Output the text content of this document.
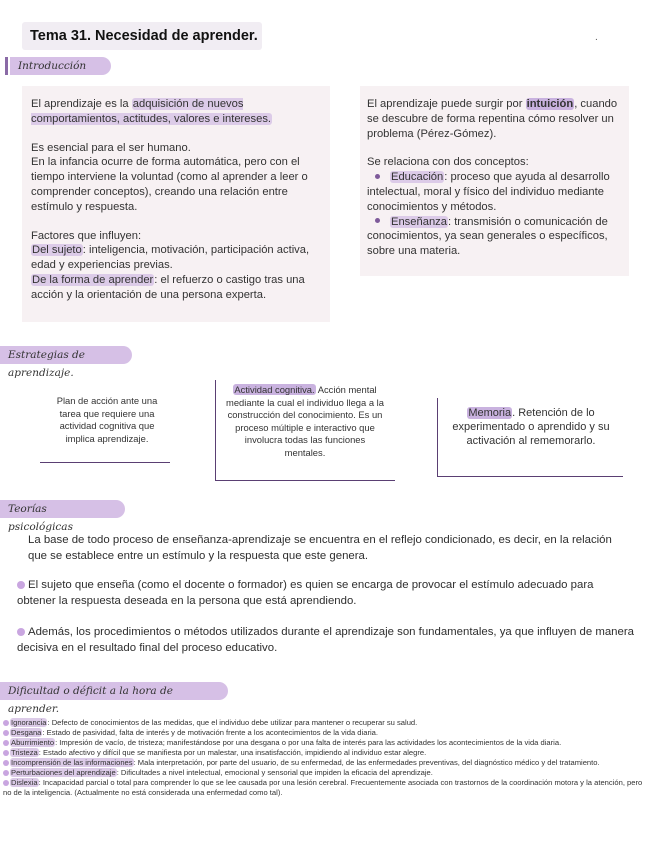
Tema 31. Necesidad de aprender.	.
Introducción

El aprendizaje es la adquisición de nuevos comportamientos, actitudes, valores e intereses.

Es esencial para el ser humano.

En la infancia ocurre de forma automática, pero con el tiempo interviene la voluntad (como al aprender a leer o comprender conceptos), creando una relación entre estímulo y respuesta.

Factores que influyen:

Del sujeto: inteligencia, motivación, participación activa, edad y experiencias previas.

De la forma de aprender: el refuerzo o castigo tras una acción y la orientación de una persona experta.

El aprendizaje puede surgir por intuición, cuando se descubre de forma repentina cómo resolver un problema (Pérez-Gómez).

Se relaciona con dos conceptos:

Educación: proceso que ayuda al desarrollo intelectual, moral y físico del individuo mediante conocimientos y métodos.

Enseñanza: transmisión o comunicación de conocimientos, ya sean generales o específicos, sobre una materia.

Estrategias de aprendizaje.
Plan de acción ante una tarea que requiere una actividad cognitiva que implica aprendizaje.
Actividad cognitiva. Acción mental mediante la cual el individuo llega a la construcción del conocimiento. Es un proceso múltiple e interactivo que involucra todas las funciones mentales.
Memoria. Retención de lo experimentado o aprendido y su activación al rememorarlo.
Teorías psicológicas
La base de todo proceso de enseñanza-aprendizaje se encuentra en el reflejo condicionado, es decir, en la relación que se establece entre un estímulo y la respuesta que este genera.
El sujeto que enseña (como el docente o formador) es quien se encarga de provocar el estímulo adecuado para obtener la respuesta deseada en la persona que está aprendiendo.
Además, los procedimientos o métodos utilizados durante el aprendizaje son fundamentales, ya que influyen de manera decisiva en el resultado final del proceso educativo.
Dificultad o déficit a la hora de aprender.
Ignorancia: Defecto de conocimientos de las medidas, que el individuo debe utilizar para mantener o recuperar su salud.
Desgana: Estado de pasividad, falta de interés y de motivación frente a los acontecimientos de la vida diaria.
Aburrimiento: Impresión de vacío, de tristeza; manifestándose por una desgana o por una falta de interés para las actividades los acontecimientos de la vida diaria.
Tristeza: Estado afectivo y difícil que se manifiesta por un malestar, una insatisfacción, impidiendo al individuo estar alegre.
Incomprensión de las informaciones: Mala interpretación, por parte del usuario, de su enfermedad, de las enfermedades preventivas, del diagnóstico médico y del tratamiento.
Perturbaciones del aprendizaje: Dificultades a nivel intelectual, emocional y sensorial que impiden la eficacia del aprendizaje.
Dislexia: Incapacidad parcial o total para comprender lo que se lee causada por una lesión cerebral. Frecuentemente asociada con trastornos de la coordinación motora y la atención, pero no de la inteligencia. (Actualmente no está considerada una enfermedad como tal).
